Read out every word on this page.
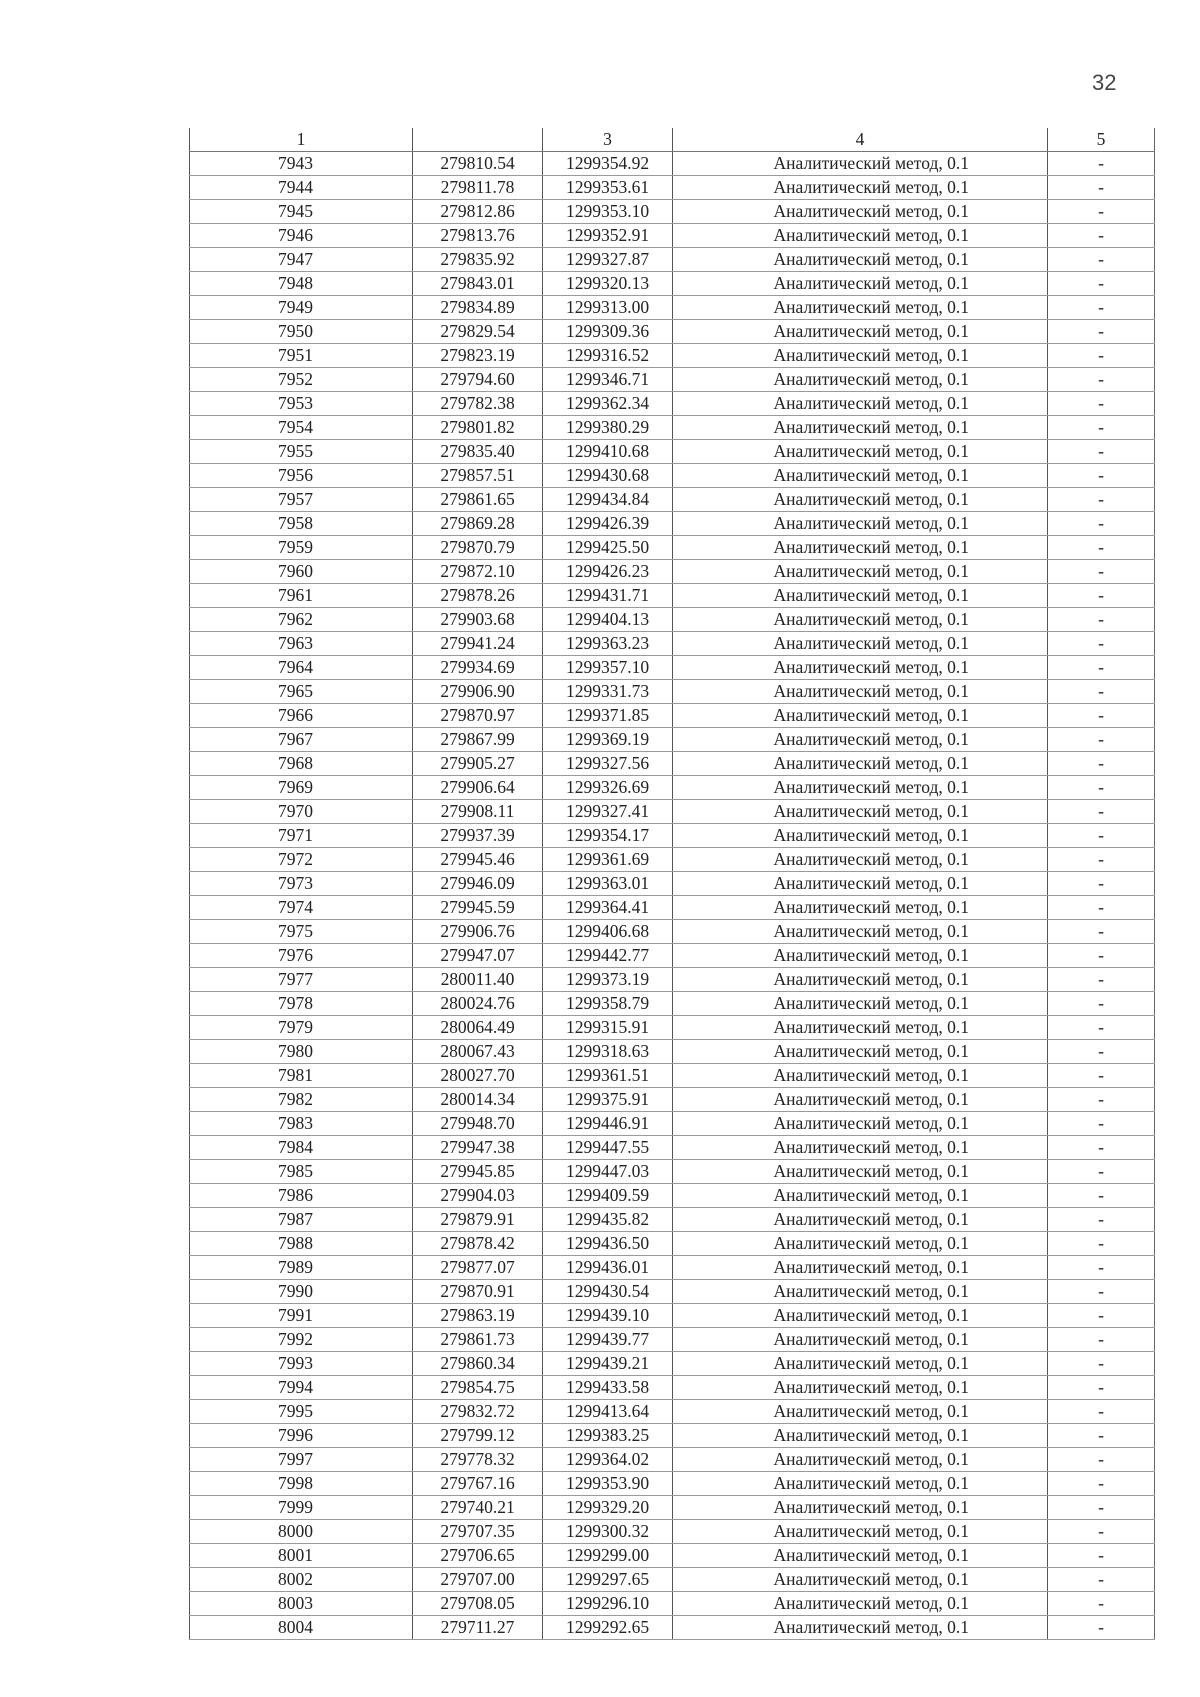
32
1		3	4	5
7943	279810.54	1299354.92	Аналитический метод, 0.1	-
7944	279811.78	1299353.61	Аналитический метод, 0.1	-
7945	279812.86	1299353.10	Аналитический метод, 0.1	-
7946	279813.76	1299352.91	Аналитический метод, 0.1	-
7947	279835.92	1299327.87	Аналитический метод, 0.1	-
7948	279843.01	1299320.13	Аналитический метод, 0.1	-
7949	279834.89	1299313.00	Аналитический метод, 0.1	-
7950	279829.54	1299309.36	Аналитический метод, 0.1	-
7951	279823.19	1299316.52	Аналитический метод, 0.1	-
7952	279794.60	1299346.71	Аналитический метод, 0.1	-
7953	279782.38	1299362.34	Аналитический метод, 0.1	-
7954	279801.82	1299380.29	Аналитический метод, 0.1	-
7955	279835.40	1299410.68	Аналитический метод, 0.1	-
7956	279857.51	1299430.68	Аналитический метод, 0.1	-
7957	279861.65	1299434.84	Аналитический метод, 0.1	-
7958	279869.28	1299426.39	Аналитический метод, 0.1	-
7959	279870.79	1299425.50	Аналитический метод, 0.1	-
7960	279872.10	1299426.23	Аналитический метод, 0.1	-
7961	279878.26	1299431.71	Аналитический метод, 0.1	-
7962	279903.68	1299404.13	Аналитический метод, 0.1	-
7963	279941.24	1299363.23	Аналитический метод, 0.1	-
7964	279934.69	1299357.10	Аналитический метод, 0.1	-
7965	279906.90	1299331.73	Аналитический метод, 0.1	-
7966	279870.97	1299371.85	Аналитический метод, 0.1	-
7967	279867.99	1299369.19	Аналитический метод, 0.1	-
7968	279905.27	1299327.56	Аналитический метод, 0.1	-
7969	279906.64	1299326.69	Аналитический метод, 0.1	-
7970	279908.11	1299327.41	Аналитический метод, 0.1	-
7971	279937.39	1299354.17	Аналитический метод, 0.1	-
7972	279945.46	1299361.69	Аналитический метод, 0.1	-
7973	279946.09	1299363.01	Аналитический метод, 0.1	-
7974	279945.59	1299364.41	Аналитический метод, 0.1	-
7975	279906.76	1299406.68	Аналитический метод, 0.1	-
7976	279947.07	1299442.77	Аналитический метод, 0.1	-
7977	280011.40	1299373.19	Аналитический метод, 0.1	-
7978	280024.76	1299358.79	Аналитический метод, 0.1	-
7979	280064.49	1299315.91	Аналитический метод, 0.1	-
7980	280067.43	1299318.63	Аналитический метод, 0.1	-
7981	280027.70	1299361.51	Аналитический метод, 0.1	-
7982	280014.34	1299375.91	Аналитический метод, 0.1	-
7983	279948.70	1299446.91	Аналитический метод, 0.1	-
7984	279947.38	1299447.55	Аналитический метод, 0.1	-
7985	279945.85	1299447.03	Аналитический метод, 0.1	-
7986	279904.03	1299409.59	Аналитический метод, 0.1	-
7987	279879.91	1299435.82	Аналитический метод, 0.1	-
7988	279878.42	1299436.50	Аналитический метод, 0.1	-
7989	279877.07	1299436.01	Аналитический метод, 0.1	-
7990	279870.91	1299430.54	Аналитический метод, 0.1	-
7991	279863.19	1299439.10	Аналитический метод, 0.1	-
7992	279861.73	1299439.77	Аналитический метод, 0.1	-
7993	279860.34	1299439.21	Аналитический метод, 0.1	-
7994	279854.75	1299433.58	Аналитический метод, 0.1	-
7995	279832.72	1299413.64	Аналитический метод, 0.1	-
7996	279799.12	1299383.25	Аналитический метод, 0.1	-
7997	279778.32	1299364.02	Аналитический метод, 0.1	-
7998	279767.16	1299353.90	Аналитический метод, 0.1	-
7999	279740.21	1299329.20	Аналитический метод, 0.1	-
8000	279707.35	1299300.32	Аналитический метод, 0.1	-
8001	279706.65	1299299.00	Аналитический метод, 0.1	-
8002	279707.00	1299297.65	Аналитический метод, 0.1	-
8003	279708.05	1299296.10	Аналитический метод, 0.1	-
8004	279711.27	1299292.65	Аналитический метод, 0.1	-
